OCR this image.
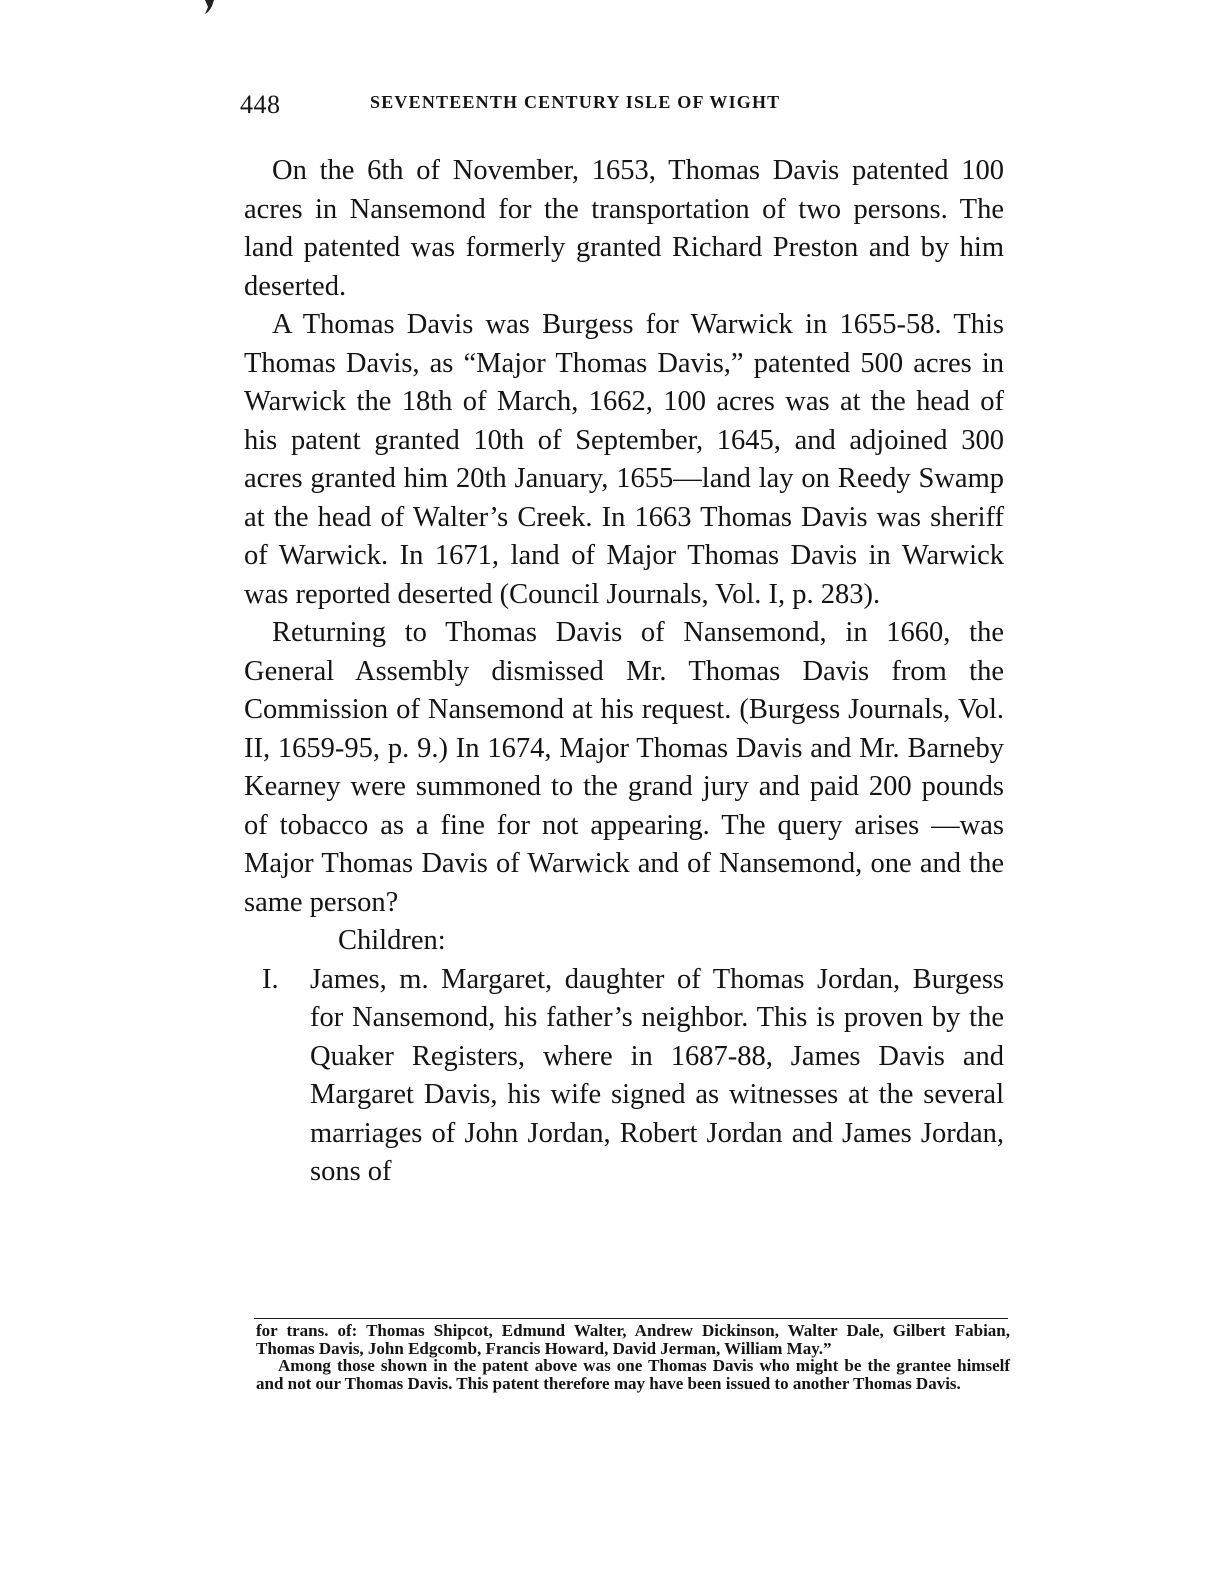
448	SEVENTEENTH CENTURY ISLE OF WIGHT

On the 6th of November, 1653, Thomas Davis patented 100 acres in Nansemond for the transportation of two persons. The land patented was formerly granted Richard Preston and by him deserted.

A Thomas Davis was Burgess for Warwick in 1655-58. This Thomas Davis, as “Major Thomas Davis,” patented 500 acres in Warwick the 18th of March, 1662, 100 acres was at the head of his patent granted 10th of September, 1645, and adjoined 300 acres granted him 20th January, 1655—land lay on Reedy Swamp at the head of Walter’s Creek. In 1663 Thomas Davis was sheriff of Warwick. In 1671, land of Major Thomas Davis in Warwick was reported deserted (Council Journals, Vol. I, p. 283).

Returning to Thomas Davis of Nansemond, in 1660, the General Assembly dismissed Mr. Thomas Davis from the Commission of Nansemond at his request. (Burgess Journals, Vol. II, 1659-95, p. 9.) In 1674, Major Thomas Davis and Mr. Barneby Kearney were summoned to the grand jury and paid 200 pounds of tobacco as a fine for not appearing. The query arises —was Major Thomas Davis of Warwick and of Nansemond, one and the same person?

Children:

I. James, m. Margaret, daughter of Thomas Jordan, Burgess for Nansemond, his father’s neighbor. This is proven by the Quaker Registers, where in 1687-88, James Davis and Margaret Davis, his wife signed as witnesses at the several marriages of John Jordan, Robert Jordan and James Jordan, sons of

for trans. of: Thomas Shipcot, Edmund Walter, Andrew Dickinson, Walter Dale, Gilbert Fabian, Thomas Davis, John Edgcomb, Francis Howard, David Jerman, William May.”

Among those shown in the patent above was one Thomas Davis who might be the grantee himself and not our Thomas Davis. This patent therefore may have been issued to another Thomas Davis.
